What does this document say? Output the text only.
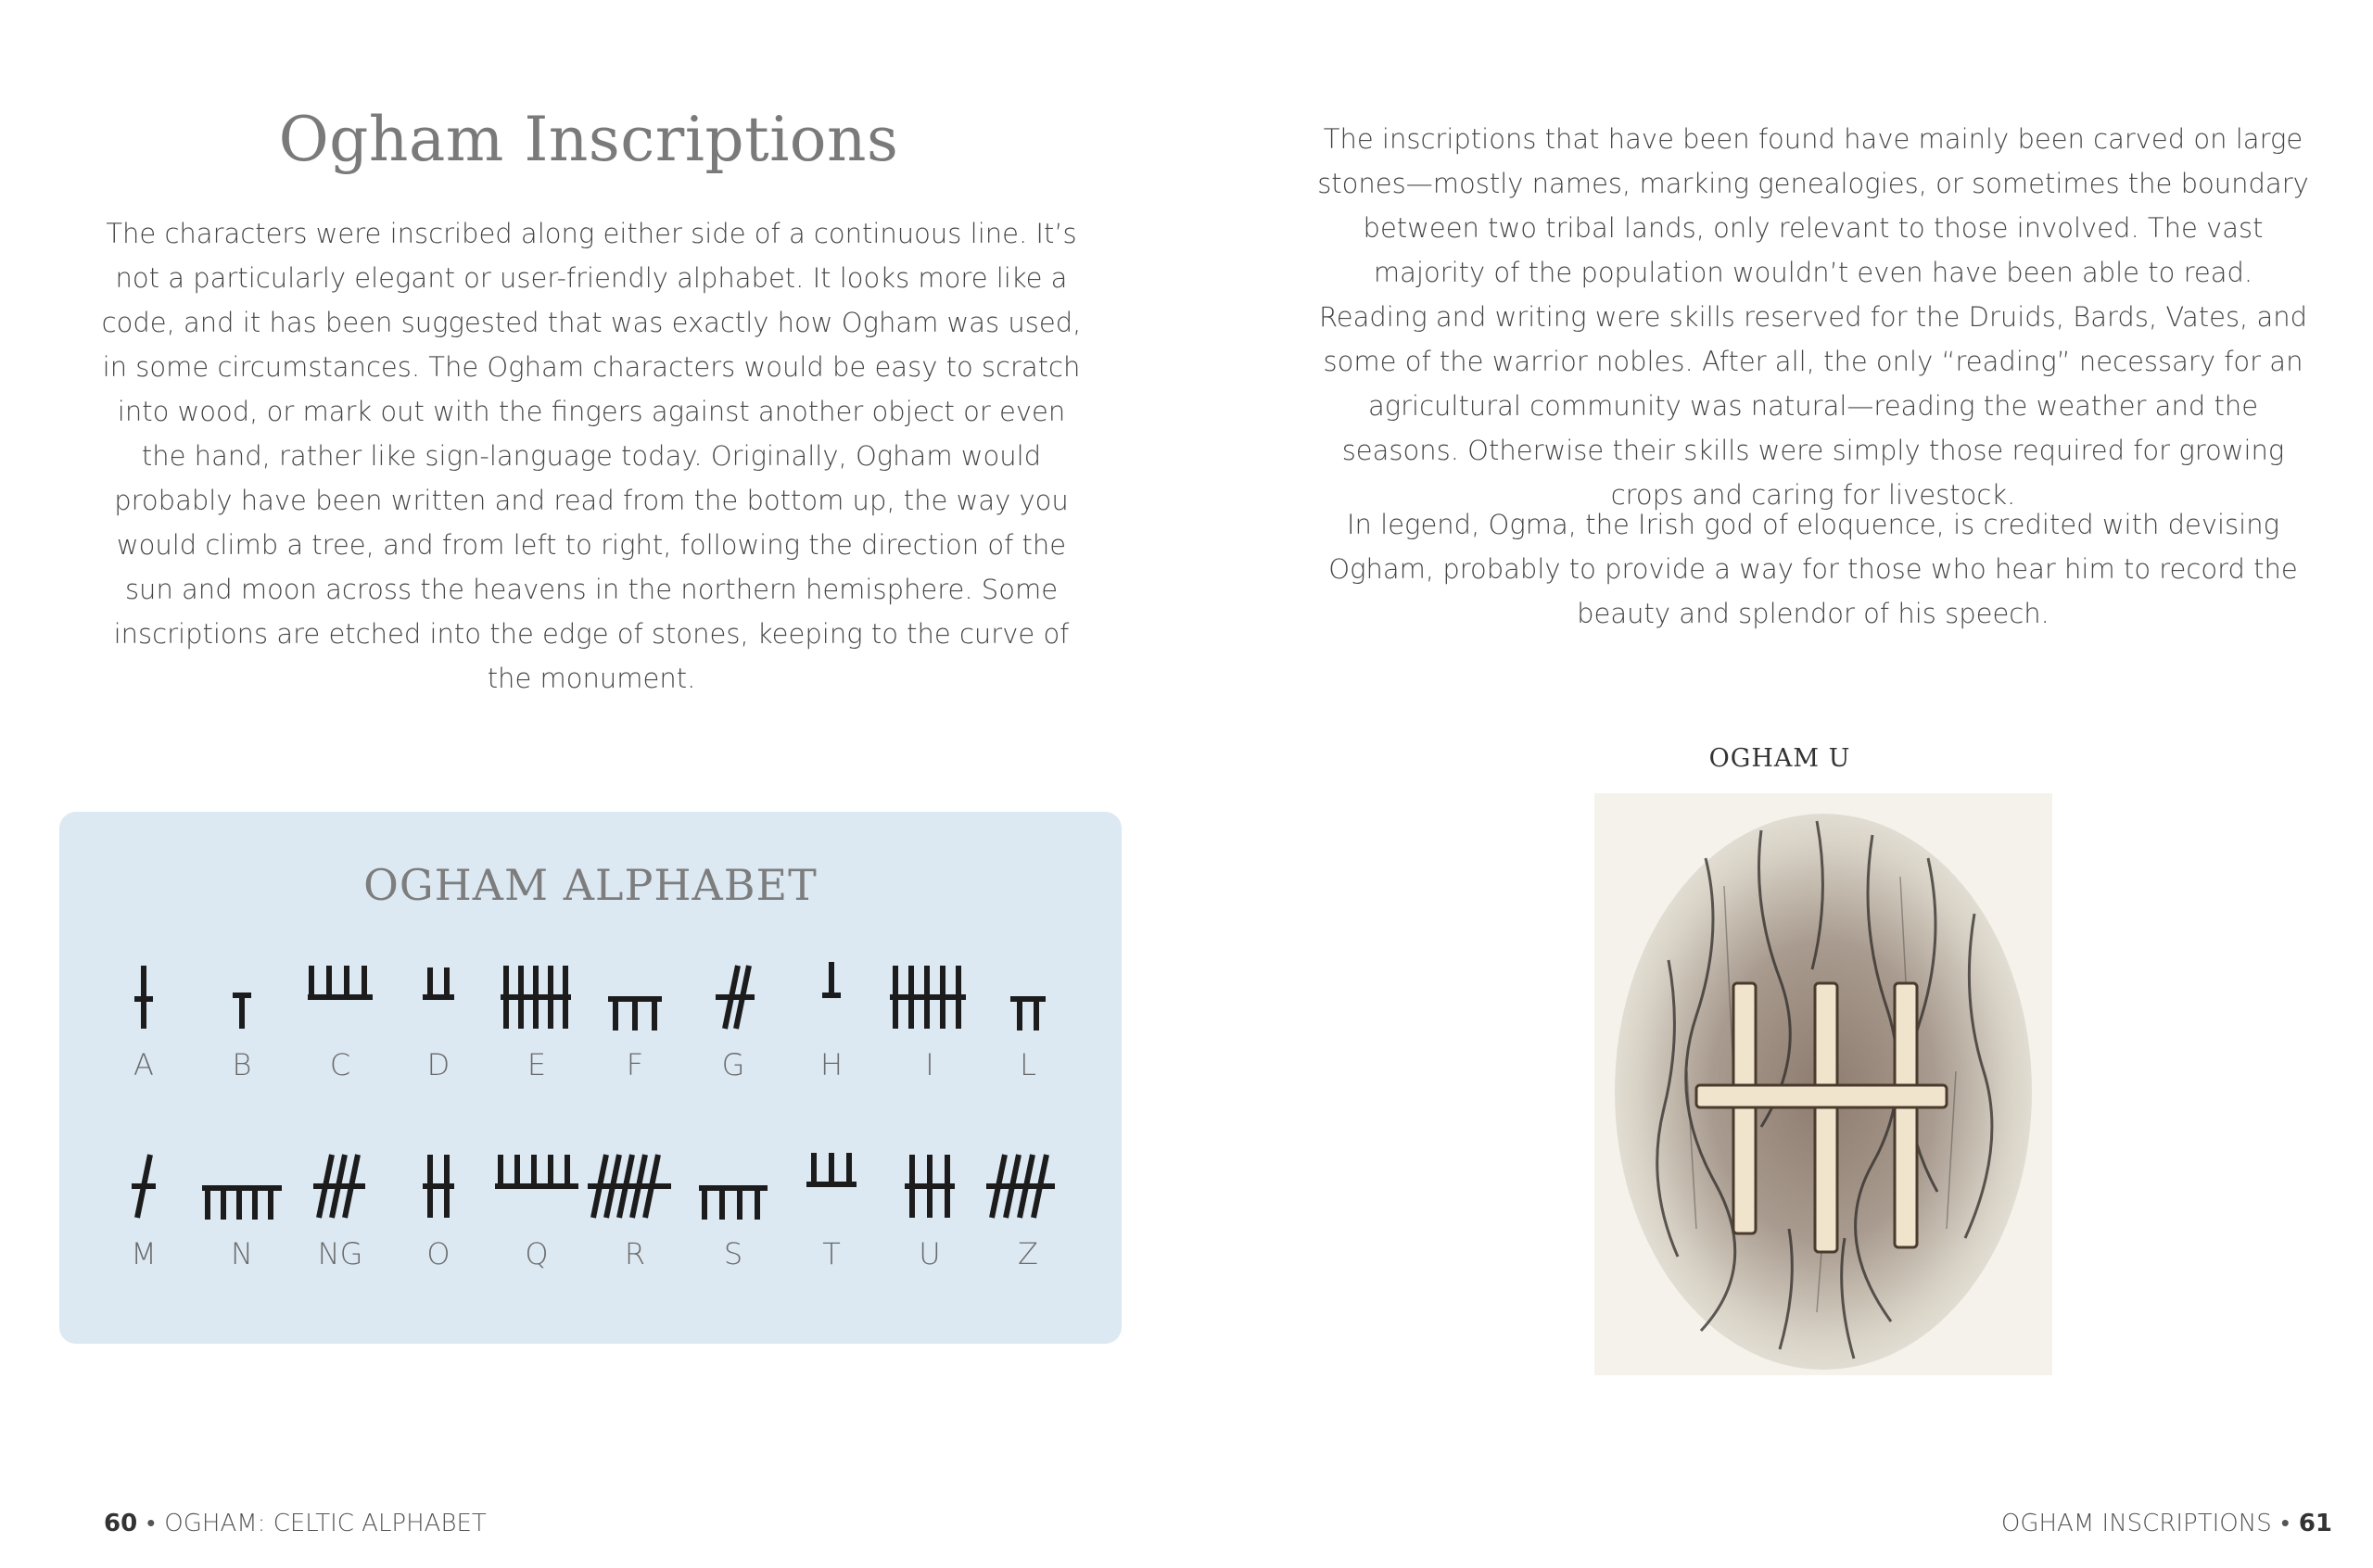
Ogham Inscriptions

The characters were inscribed along either side of a continuous line. It’s not a particularly elegant or user-friendly alphabet. It looks more like a code, and it has been suggested that was exactly how Ogham was used, in some circumstances. The Ogham characters would be easy to scratch into wood, or mark out with the fingers against another object or even the hand, rather like sign-language today. Originally, Ogham would probably have been written and read from the bottom up, the way you would climb a tree, and from left to right, following the direction of the sun and moon across the heavens in the northern hemisphere. Some inscriptions are etched into the edge of stones, keeping to the curve of the monument.

OGHAM ALPHABET
A	B	C	D	E	F	G	H	I	L
M	N	NG	O	Q	R	S	T	U	Z
60 • OGHAM: CELTIC ALPHABET

The inscriptions that have been found have mainly been carved on large stones—mostly names, marking genealogies, or sometimes the boundary between two tribal lands, only relevant to those involved. The vast majority of the population wouldn’t even have been able to read. Reading and writing were skills reserved for the Druids, Bards, Vates, and some of the warrior nobles. After all, the only “reading” necessary for an agricultural community was natural—reading the weather and the seasons. Otherwise their skills were simply those required for growing crops and caring for livestock.

In legend, Ogma, the Irish god of eloquence, is credited with devising Ogham, probably to provide a way for those who hear him to record the beauty and splendor of his speech.

OGHAM U
OGHAM INSCRIPTIONS • 61
